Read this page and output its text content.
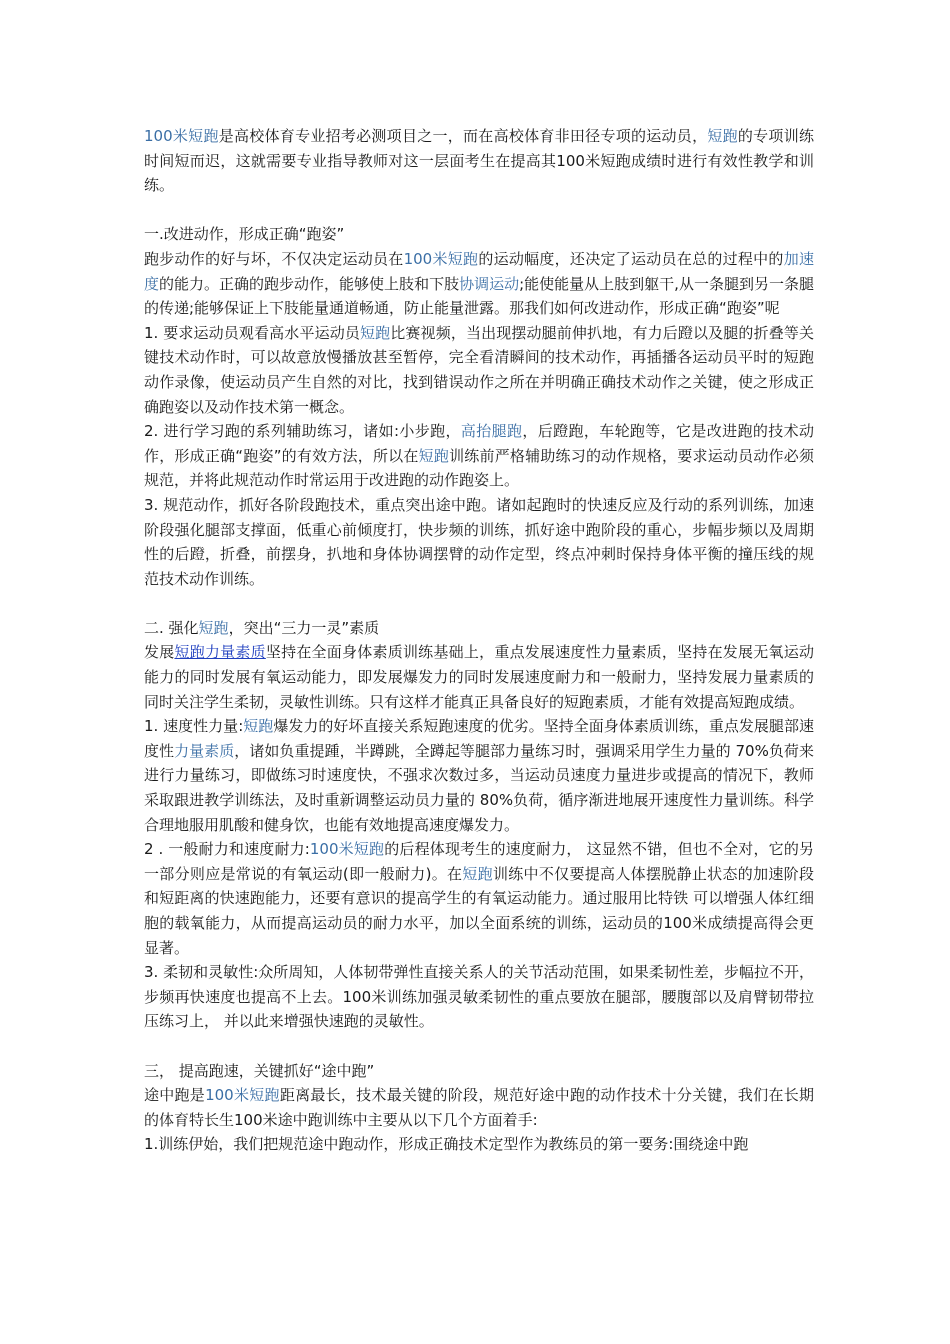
100米短跑是高校体育专业招考必测项目之一，而在高校体育非田径专项的运动员，短跑的专项训练时间短而迟，这就需要专业指导教师对这一层面考生在提高其100米短跑成绩时进行有效性教学和训练。

一.改进动作，形成正确“跑姿”

跑步动作的好与坏，不仅决定运动员在100米短跑的运动幅度，还决定了运动员在总的过程中的加速度的能力。正确的跑步动作，能够使上肢和下肢协调运动;能使能量从上肢到躯干,从一条腿到另一条腿的传递;能够保证上下肢能量通道畅通，防止能量泄露。那我们如何改进动作，形成正确“跑姿”呢

1. 要求运动员观看高水平运动员短跑比赛视频，当出现摆动腿前伸扒地，有力后蹬以及腿的折叠等关键技术动作时，可以故意放慢播放甚至暂停，完全看清瞬间的技术动作，再插播各运动员平时的短跑动作录像，使运动员产生自然的对比，找到错误动作之所在并明确正确技术动作之关键，使之形成正确跑姿以及动作技术第一概念。

2. 进行学习跑的系列辅助练习，诸如:小步跑，高抬腿跑，后蹬跑，车轮跑等，它是改进跑的技术动作，形成正确“跑姿”的有效方法，所以在短跑训练前严格辅助练习的动作规格，要求运动员动作必须规范，并将此规范动作时常运用于改进跑的动作跑姿上。

3. 规范动作，抓好各阶段跑技术，重点突出途中跑。诸如起跑时的快速反应及行动的系列训练，加速阶段强化腿部支撑面，低重心前倾度打，快步频的训练，抓好途中跑阶段的重心，步幅步频以及周期性的后蹬，折叠，前摆身，扒地和身体协调摆臂的动作定型，终点冲刺时保持身体平衡的撞压线的规范技术动作训练。

二. 强化短跑，突出“三力一灵”素质

发展短跑力量素质坚持在全面身体素质训练基础上，重点发展速度性力量素质，坚持在发展无氧运动能力的同时发展有氧运动能力，即发展爆发力的同时发展速度耐力和一般耐力，坚持发展力量素质的同时关注学生柔韧，灵敏性训练。只有这样才能真正具备良好的短跑素质，才能有效提高短跑成绩。

1. 速度性力量:短跑爆发力的好坏直接关系短跑速度的优劣。坚持全面身体素质训练，重点发展腿部速度性力量素质，诸如负重提踵，半蹲跳，全蹲起等腿部力量练习时，强调采用学生力量的 70%负荷来进行力量练习，即做练习时速度快，不强求次数过多，当运动员速度力量进步或提高的情况下，教师采取跟进教学训练法，及时重新调整运动员力量的 80%负荷，循序渐进地展开速度性力量训练。科学合理地服用肌酸和健身饮，也能有效地提高速度爆发力。

2 . 一般耐力和速度耐力:100米短跑的后程体现考生的速度耐力， 这显然不错，但也不全对，它的另一部分则应是常说的有氧运动(即一般耐力)。在短跑训练中不仅要提高人体摆脱静止状态的加速阶段和短距离的快速跑能力，还要有意识的提高学生的有氧运动能力。通过服用比特铁 可以增强人体红细胞的载氧能力，从而提高运动员的耐力水平，加以全面系统的训练，运动员的100米成绩提高得会更显著。

3. 柔韧和灵敏性:众所周知，人体韧带弹性直接关系人的关节活动范围，如果柔韧性差，步幅拉不开，步频再快速度也提高不上去。100米训练加强灵敏柔韧性的重点要放在腿部，腰腹部以及肩臂韧带拉压练习上， 并以此来增强快速跑的灵敏性。

三， 提高跑速，关键抓好“途中跑”

途中跑是100米短跑距离最长，技术最关键的阶段，规范好途中跑的动作技术十分关键，我们在长期的体育特长生100米途中跑训练中主要从以下几个方面着手:

1.训练伊始，我们把规范途中跑动作，形成正确技术定型作为教练员的第一要务:围绕途中跑
